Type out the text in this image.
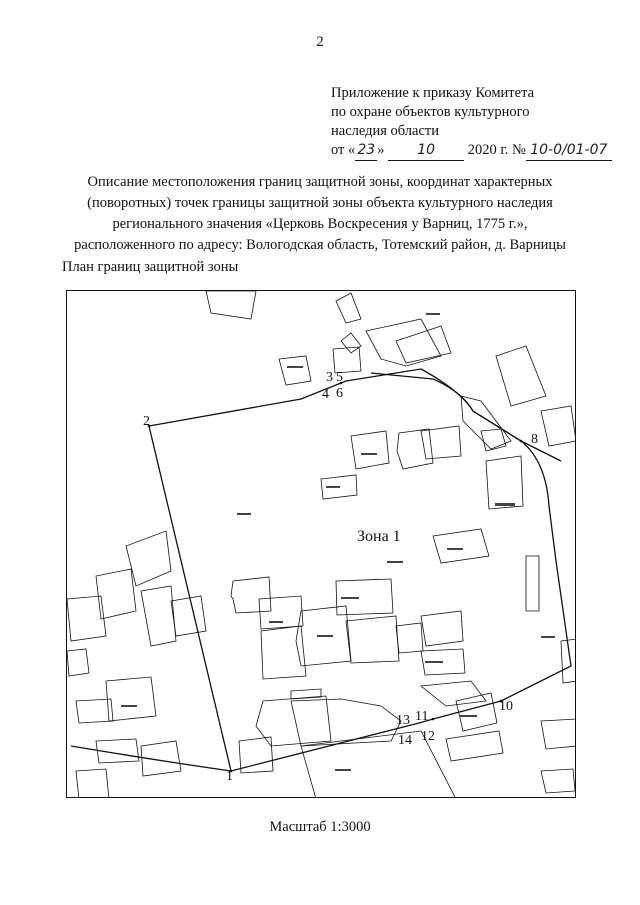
2
Приложение к приказу Комитета
по охране объектов культурного
наследия области
от « 23 » 10 2020 г. № 10-0/01-07
Описание местоположения границ защитной зоны, координат характерных
(поворотных) точек границы защитной зоны объекта культурного наследия
регионального значения «Церковь Воскресения у Варниц, 1775 г.»,
расположенного по адресу: Вологодская область, Тотемский район, д. Варницы
План границ защитной зоны
1
2
3 5
4 6
8
10
13 11
14 12
Зона 1
Масштаб 1:3000
